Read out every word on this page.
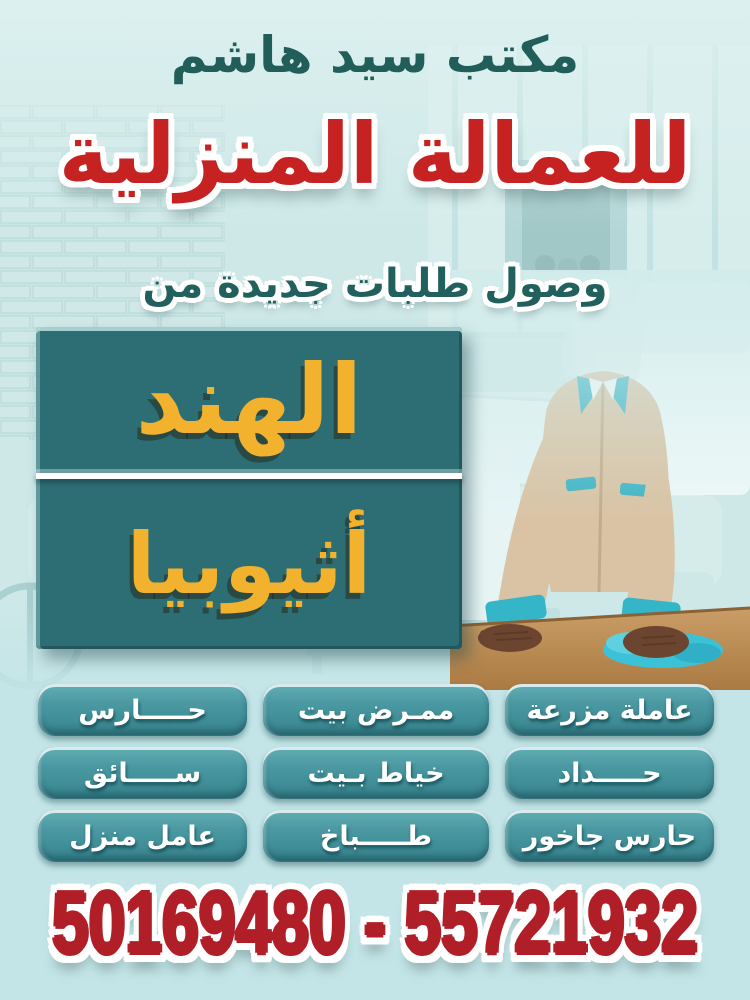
مكتب سيد هاشم
للعمالة المنزلية
وصول طلبات جديدة من
الهند
أثيوبيا
عاملة مزرعة
ممـرض بيت
حـــــارس
حـــــداد
خياط بـيت
ســـــائق
حارس جاخور
طـــــباخ
عامل منزل
50169480 - 55721932
